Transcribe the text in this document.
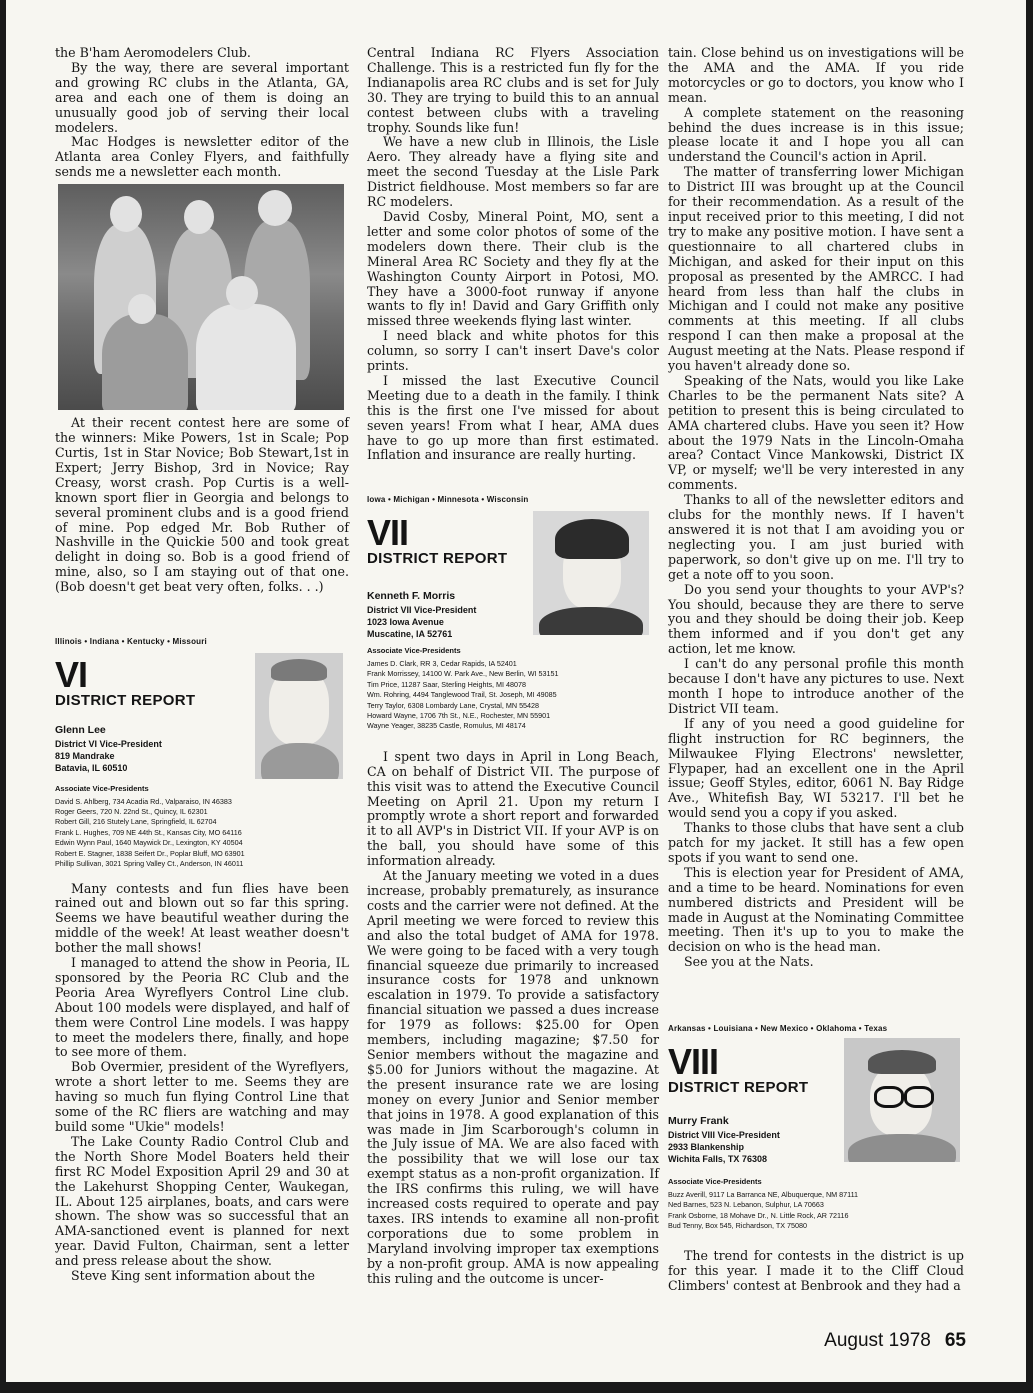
the B'ham Aeromodelers Club.

By the way, there are several important and growing RC clubs in the Atlanta, GA, area and each one of them is doing an unusually good job of serving their local modelers.

Mac Hodges is newsletter editor of the Atlanta area Conley Flyers, and faithfully sends me a newsletter each month.

At their recent contest here are some of the winners: Mike Powers, 1st in Scale; Pop Curtis, 1st in Star Novice; Bob Stewart,1st in Expert; Jerry Bishop, 3rd in Novice; Ray Creasy, worst crash. Pop Curtis is a well-known sport flier in Georgia and belongs to several prominent clubs and is a good friend of mine. Pop edged Mr. Bob Ruther of Nashville in the Quickie 500 and took great delight in doing so. Bob is a good friend of mine, also, so I am staying out of that one. (Bob doesn't get beat very often, folks. . .)

Illinois • Indiana • Kentucky • Missouri
VI
DISTRICT REPORT
Glenn Lee
District VI Vice-President
819 Mandrake
Batavia, IL 60510
Associate Vice-Presidents
David S. Ahlberg, 734 Acadia Rd., Valparaiso, IN 46383
Roger Geers, 720 N. 22nd St., Quincy, IL 62301
Robert Gill, 216 Stutely Lane, Springfield, IL 62704
Frank L. Hughes, 709 NE 44th St., Kansas City, MO 64116
Edwin Wynn Paul, 1640 Maywick Dr., Lexington, KY 40504
Robert E. Stagner, 1838 Seifert Dr., Poplar Bluff, MO 63901
Phillip Sullivan, 3021 Spring Valley Ct., Anderson, IN 46011

Many contests and fun flies have been rained out and blown out so far this spring. Seems we have beautiful weather during the middle of the week! At least weather doesn't bother the mall shows!

I managed to attend the show in Peoria, IL sponsored by the Peoria RC Club and the Peoria Area Wyreflyers Control Line club. About 100 models were displayed, and half of them were Control Line models. I was happy to meet the modelers there, finally, and hope to see more of them.

Bob Overmier, president of the Wyreflyers, wrote a short letter to me. Seems they are having so much fun flying Control Line that some of the RC fliers are watching and may build some "Ukie" models!

The Lake County Radio Control Club and the North Shore Model Boaters held their first RC Model Exposition April 29 and 30 at the Lakehurst Shopping Center, Waukegan, IL. About 125 airplanes, boats, and cars were shown. The show was so successful that an AMA-sanctioned event is planned for next year. David Fulton, Chairman, sent a letter and press release about the show.

Steve King sent information about the

Central Indiana RC Flyers Association Challenge. This is a restricted fun fly for the Indianapolis area RC clubs and is set for July 30. They are trying to build this to an annual contest between clubs with a traveling trophy. Sounds like fun!

We have a new club in Illinois, the Lisle Aero. They already have a flying site and meet the second Tuesday at the Lisle Park District fieldhouse. Most members so far are RC modelers.

David Cosby, Mineral Point, MO, sent a letter and some color photos of some of the modelers down there. Their club is the Mineral Area RC Society and they fly at the Washington County Airport in Potosi, MO. They have a 3000-foot runway if anyone wants to fly in! David and Gary Griffith only missed three weekends flying last winter.

I need black and white photos for this column, so sorry I can't insert Dave's color prints.

I missed the last Executive Council Meeting due to a death in the family. I think this is the first one I've missed for about seven years! From what I hear, AMA dues have to go up more than first estimated. Inflation and insurance are really hurting.

Iowa • Michigan • Minnesota • Wisconsin
VII
DISTRICT REPORT
Kenneth F. Morris
District VII Vice-President
1023 Iowa Avenue
Muscatine, IA 52761
Associate Vice-Presidents
James D. Clark, RR 3, Cedar Rapids, IA 52401
Frank Morrissey, 14100 W. Park Ave., New Berlin, WI 53151
Tim Price, 11287 Saar, Sterling Heights, MI 48078
Wm. Rohring, 4494 Tanglewood Trail, St. Joseph, MI 49085
Terry Taylor, 6308 Lombardy Lane, Crystal, MN 55428
Howard Wayne, 1706 7th St., N.E., Rochester, MN 55901
Wayne Yeager, 38235 Castle, Romulus, MI 48174

I spent two days in April in Long Beach, CA on behalf of District VII. The purpose of this visit was to attend the Executive Council Meeting on April 21. Upon my return I promptly wrote a short report and forwarded it to all AVP's in District VII. If your AVP is on the ball, you should have some of this information already.

At the January meeting we voted in a dues increase, probably prematurely, as insurance costs and the carrier were not defined. At the April meeting we were forced to review this and also the total budget of AMA for 1978. We were going to be faced with a very tough financial squeeze due primarily to increased insurance costs for 1978 and unknown escalation in 1979. To provide a satisfactory financial situation we passed a dues increase for 1979 as follows: $25.00 for Open members, including magazine; $7.50 for Senior members without the magazine and $5.00 for Juniors without the magazine. At the present insurance rate we are losing money on every Junior and Senior member that joins in 1978. A good explanation of this was made in Jim Scarborough's column in the July issue of MA. We are also faced with the possibility that we will lose our tax exempt status as a non-profit organization. If the IRS confirms this ruling, we will have increased costs required to operate and pay taxes. IRS intends to examine all non-profit corporations due to some problem in Maryland involving improper tax exemptions by a non-profit group. AMA is now appealing this ruling and the outcome is uncer-

tain. Close behind us on investigations will be the AMA and the AMA. If you ride motorcycles or go to doctors, you know who I mean.

A complete statement on the reasoning behind the dues increase is in this issue; please locate it and I hope you all can understand the Council's action in April.

The matter of transferring lower Michigan to District III was brought up at the Council for their recommendation. As a result of the input received prior to this meeting, I did not try to make any positive motion. I have sent a questionnaire to all chartered clubs in Michigan, and asked for their input on this proposal as presented by the AMRCC. I had heard from less than half the clubs in Michigan and I could not make any positive comments at this meeting. If all clubs respond I can then make a proposal at the August meeting at the Nats. Please respond if you haven't already done so.

Speaking of the Nats, would you like Lake Charles to be the permanent Nats site? A petition to present this is being circulated to AMA chartered clubs. Have you seen it? How about the 1979 Nats in the Lincoln-Omaha area? Contact Vince Mankowski, District IX VP, or myself; we'll be very interested in any comments.

Thanks to all of the newsletter editors and clubs for the monthly news. If I haven't answered it is not that I am avoiding you or neglecting you. I am just buried with paperwork, so don't give up on me. I'll try to get a note off to you soon.

Do you send your thoughts to your AVP's? You should, because they are there to serve you and they should be doing their job. Keep them informed and if you don't get any action, let me know.

I can't do any personal profile this month because I don't have any pictures to use. Next month I hope to introduce another of the District VII team.

If any of you need a good guideline for flight instruction for RC beginners, the Milwaukee Flying Electrons' newsletter, Flypaper, had an excellent one in the April issue; Geoff Styles, editor, 6061 N. Bay Ridge Ave., Whitefish Bay, WI 53217. I'll bet he would send you a copy if you asked.

Thanks to those clubs that have sent a club patch for my jacket. It still has a few open spots if you want to send one.

This is election year for President of AMA, and a time to be heard. Nominations for even numbered districts and President will be made in August at the Nominating Committee meeting. Then it's up to you to make the decision on who is the head man.

See you at the Nats.

Arkansas • Louisiana • New Mexico • Oklahoma • Texas
VIII
DISTRICT REPORT
Murry Frank
District VIII Vice-President
2933 Blankenship
Wichita Falls, TX 76308
Associate Vice-Presidents
Buzz Averill, 9117 La Barranca NE, Albuquerque, NM 87111
Ned Barnes, 523 N. Lebanon, Sulphur, LA 70663
Frank Osborne, 18 Mohave Dr., N. Little Rock, AR 72116
Bud Tenny, Box 545, Richardson, TX 75080

The trend for contests in the district is up for this year. I made it to the Cliff Cloud Climbers' contest at Benbrook and they had a

August 1978 65
